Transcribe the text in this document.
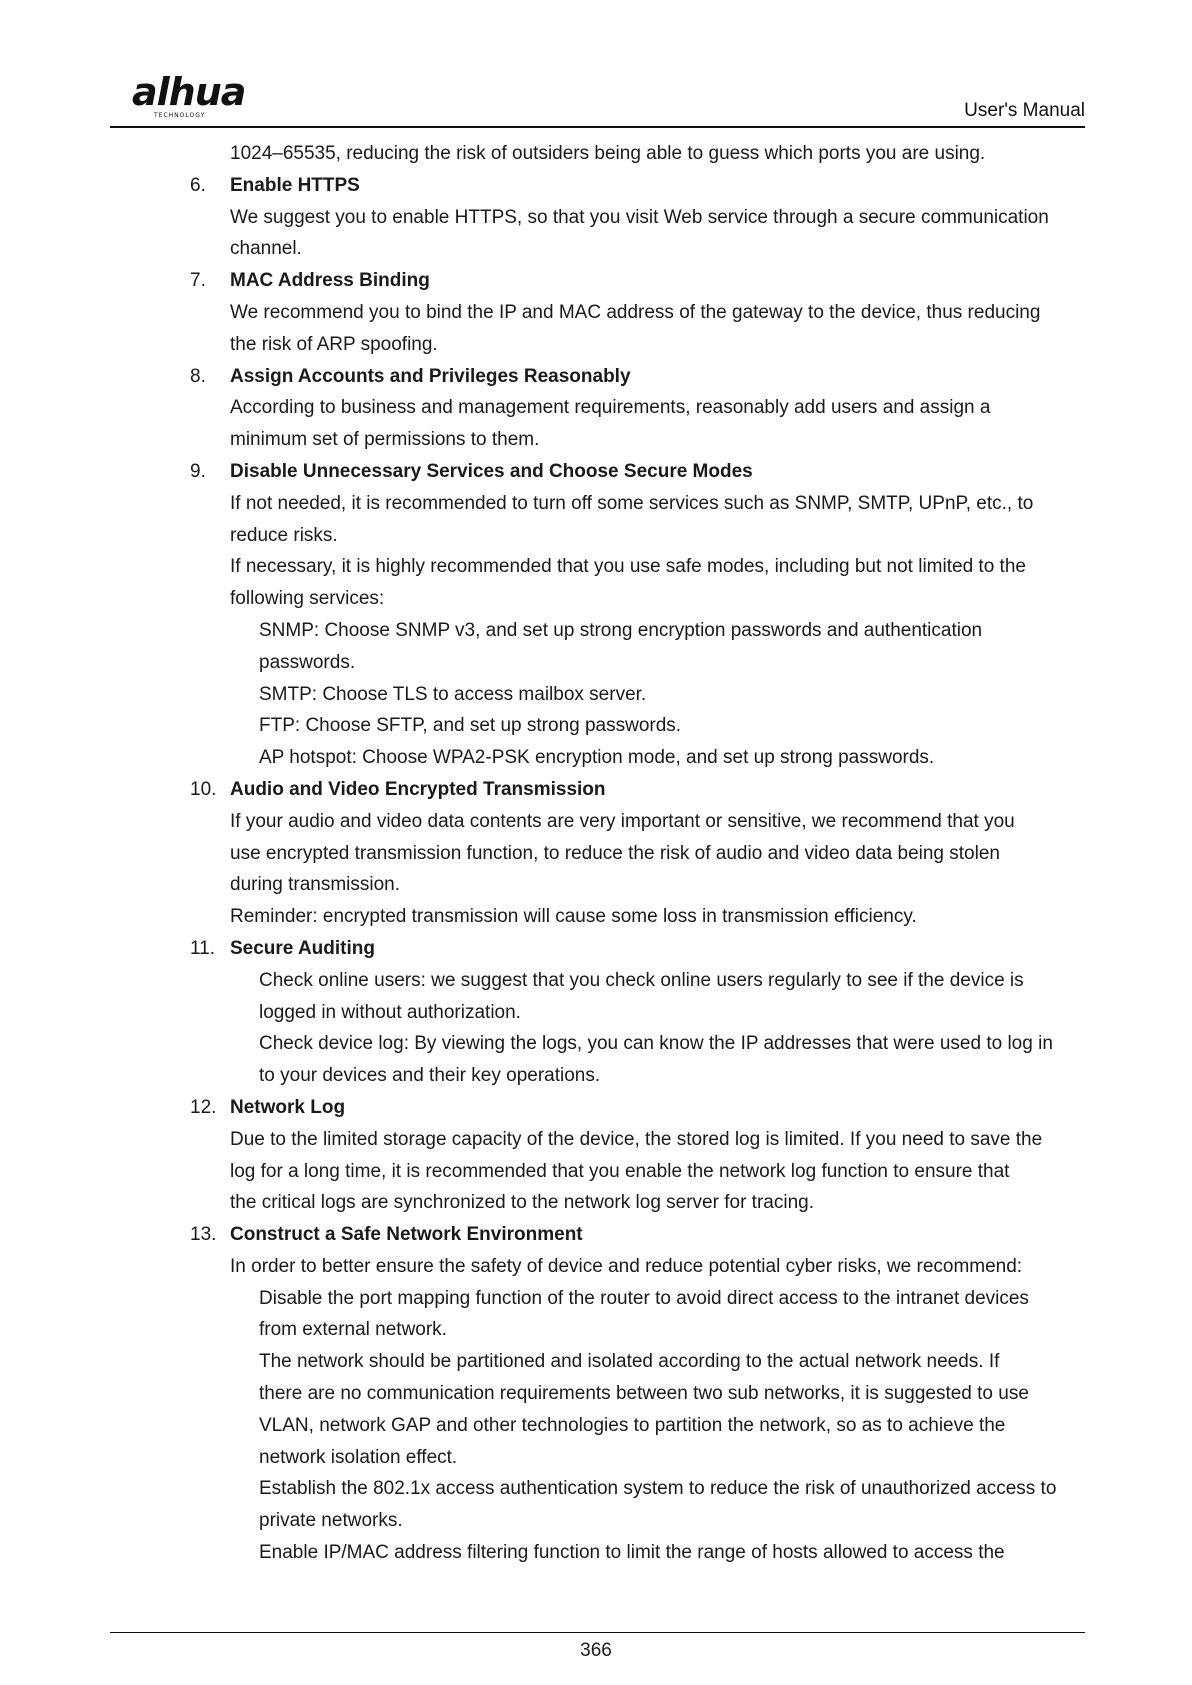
alhua
TECHNOLOGY	User's Manual
1024–65535, reducing the risk of outsiders being able to guess which ports you are using.
6. Enable HTTPS
We suggest you to enable HTTPS, so that you visit Web service through a secure communication
channel.
7. MAC Address Binding
We recommend you to bind the IP and MAC address of the gateway to the device, thus reducing
the risk of ARP spoofing.
8. Assign Accounts and Privileges Reasonably
According to business and management requirements, reasonably add users and assign a
minimum set of permissions to them.
9. Disable Unnecessary Services and Choose Secure Modes
If not needed, it is recommended to turn off some services such as SNMP, SMTP, UPnP, etc., to
reduce risks.
If necessary, it is highly recommended that you use safe modes, including but not limited to the
following services:
SNMP: Choose SNMP v3, and set up strong encryption passwords and authentication
passwords.
SMTP: Choose TLS to access mailbox server.
FTP: Choose SFTP, and set up strong passwords.
AP hotspot: Choose WPA2-PSK encryption mode, and set up strong passwords.
10. Audio and Video Encrypted Transmission
If your audio and video data contents are very important or sensitive, we recommend that you
use encrypted transmission function, to reduce the risk of audio and video data being stolen
during transmission.
Reminder: encrypted transmission will cause some loss in transmission efficiency.
11. Secure Auditing
Check online users: we suggest that you check online users regularly to see if the device is
logged in without authorization.
Check device log: By viewing the logs, you can know the IP addresses that were used to log in
to your devices and their key operations.
12. Network Log
Due to the limited storage capacity of the device, the stored log is limited. If you need to save the
log for a long time, it is recommended that you enable the network log function to ensure that
the critical logs are synchronized to the network log server for tracing.
13. Construct a Safe Network Environment
In order to better ensure the safety of device and reduce potential cyber risks, we recommend:
Disable the port mapping function of the router to avoid direct access to the intranet devices
from external network.
The network should be partitioned and isolated according to the actual network needs. If
there are no communication requirements between two sub networks, it is suggested to use
VLAN, network GAP and other technologies to partition the network, so as to achieve the
network isolation effect.
Establish the 802.1x access authentication system to reduce the risk of unauthorized access to
private networks.
Enable IP/MAC address filtering function to limit the range of hosts allowed to access the
366
